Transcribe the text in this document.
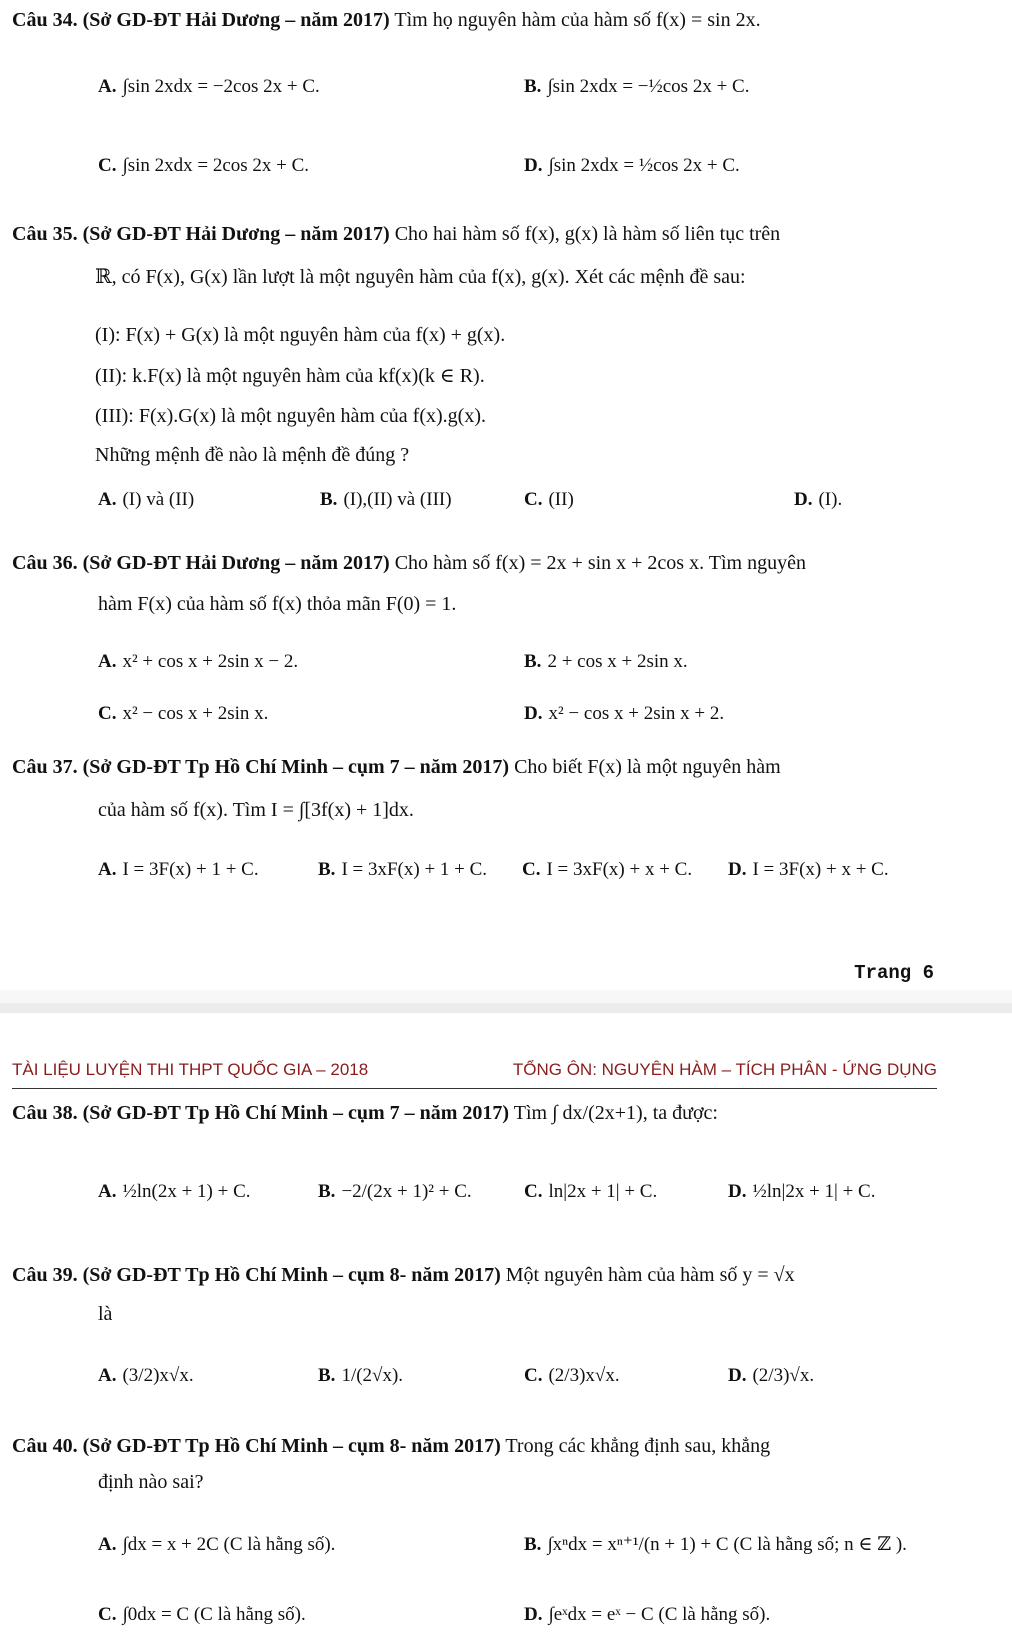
Câu 34. (Sở GD-ĐT Hải Dương – năm 2017) Tìm họ nguyên hàm của hàm số f(x) = sin 2x.
A. ∫sin 2xdx = −2cos 2x + C.	B. ∫sin 2xdx = −½cos 2x + C.
C. ∫sin 2xdx = 2cos 2x + C.	D. ∫sin 2xdx = ½cos 2x + C.
Câu 35. (Sở GD-ĐT Hải Dương – năm 2017) Cho hai hàm số f(x), g(x) là hàm số liên tục trên
ℝ, có F(x), G(x) lần lượt là một nguyên hàm của f(x), g(x). Xét các mệnh đề sau:
(I): F(x) + G(x) là một nguyên hàm của f(x) + g(x).
(II): k.F(x) là một nguyên hàm của kf(x)(k ∈ R).
(III): F(x).G(x) là một nguyên hàm của f(x).g(x).
Những mệnh đề nào là mệnh đề đúng ?
A. (I) và (II)	B. (I),(II) và (III)	C. (II)	D. (I).
Câu 36. (Sở GD-ĐT Hải Dương – năm 2017) Cho hàm số f(x) = 2x + sin x + 2cos x. Tìm nguyên
hàm F(x) của hàm số f(x) thỏa mãn F(0) = 1.
A. x² + cos x + 2sin x − 2.	B. 2 + cos x + 2sin x.
C. x² − cos x + 2sin x.	D. x² − cos x + 2sin x + 2.
Câu 37. (Sở GD-ĐT Tp Hồ Chí Minh – cụm 7 – năm 2017) Cho biết F(x) là một nguyên hàm
của hàm số f(x). Tìm I = ∫[3f(x) + 1]dx.
A. I = 3F(x) + 1 + C.	B. I = 3xF(x) + 1 + C. C. I = 3xF(x) + x + C. D. I = 3F(x) + x + C.
Trang 6
TÀI LIỆU LUYỆN THI THPT QUỐC GIA – 2018	TỔNG ÔN: NGUYÊN HÀM – TÍCH PHÂN - ỨNG DỤNG
Câu 38. (Sở GD-ĐT Tp Hồ Chí Minh – cụm 7 – năm 2017) Tìm ∫ dx/(2x+1), ta được:
A. ½ln(2x + 1) + C.	B. −2/(2x + 1)² + C.	C. ln|2x + 1| + C.	D. ½ln|2x + 1| + C.
Câu 39. (Sở GD-ĐT Tp Hồ Chí Minh – cụm 8- năm 2017) Một nguyên hàm của hàm số y = √x
là
A. (3/2)x√x.	B. 1/(2√x).	C. (2/3)x√x.	D. (2/3)√x.
Câu 40. (Sở GD-ĐT Tp Hồ Chí Minh – cụm 8- năm 2017) Trong các khẳng định sau, khẳng
định nào sai?
A. ∫dx = x + 2C (C là hằng số).	B. ∫xⁿdx = xⁿ⁺¹/(n + 1) + C (C là hằng số; n ∈ ℤ ).
C. ∫0dx = C (C là hằng số).	D. ∫eˣdx = eˣ − C (C là hằng số).
